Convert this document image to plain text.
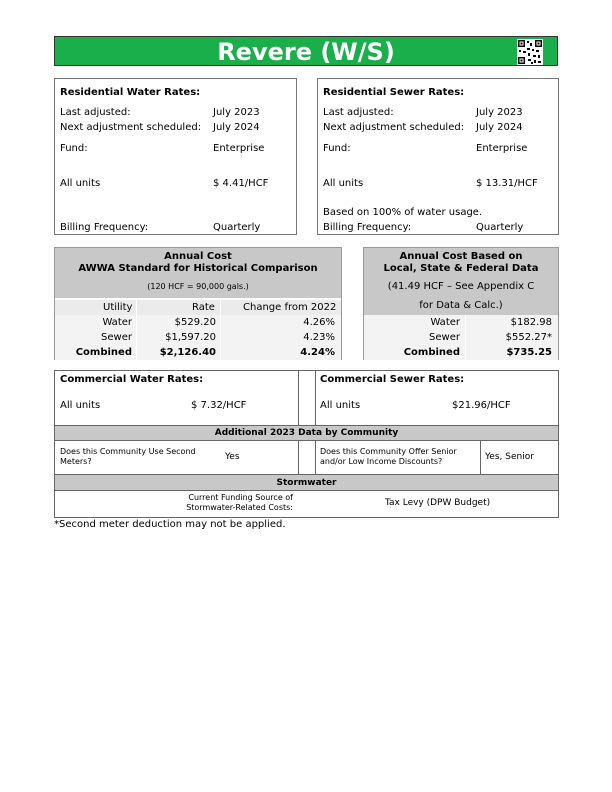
Revere (W/S)
Residential Water Rates:
Last adjusted:	July 2023
Next adjustment scheduled: July 2024
Fund:	Enterprise
All units	$ 4.41/HCF
Billing Frequency:	Quarterly
Residential Sewer Rates:
Last adjusted:	July 2023
Next adjustment scheduled: July 2024
Fund:	Enterprise
All units	$ 13.31/HCF
Based on 100% of water usage.
Billing Frequency:	Quarterly
Annual Cost
AWWA Standard for Historical Comparison
(120 HCF = 90,000 gals.)
Utility	Rate	Change from 2022
Water	$529.20	4.26%
Sewer	$1,597.20	4.23%
Combined	$2,126.40	4.24%
Annual Cost Based on
Local, State & Federal Data
(41.49 HCF – See Appendix C
for Data & Calc.)
Water	$182.98
Sewer	$552.27*
Combined	$735.25
Commercial Water Rates:
All units	$ 7.32/HCF
Commercial Sewer Rates:
All units	$21.96/HCF
Additional 2023 Data by Community
Does this Community Use Second
Meters?	Yes
Does this Community Offer Senior
and/or Low Income Discounts?	Yes, Senior
Stormwater
Current Funding Source of
Stormwater-Related Costs:	Tax Levy (DPW Budget)
*Second meter deduction may not be applied.
